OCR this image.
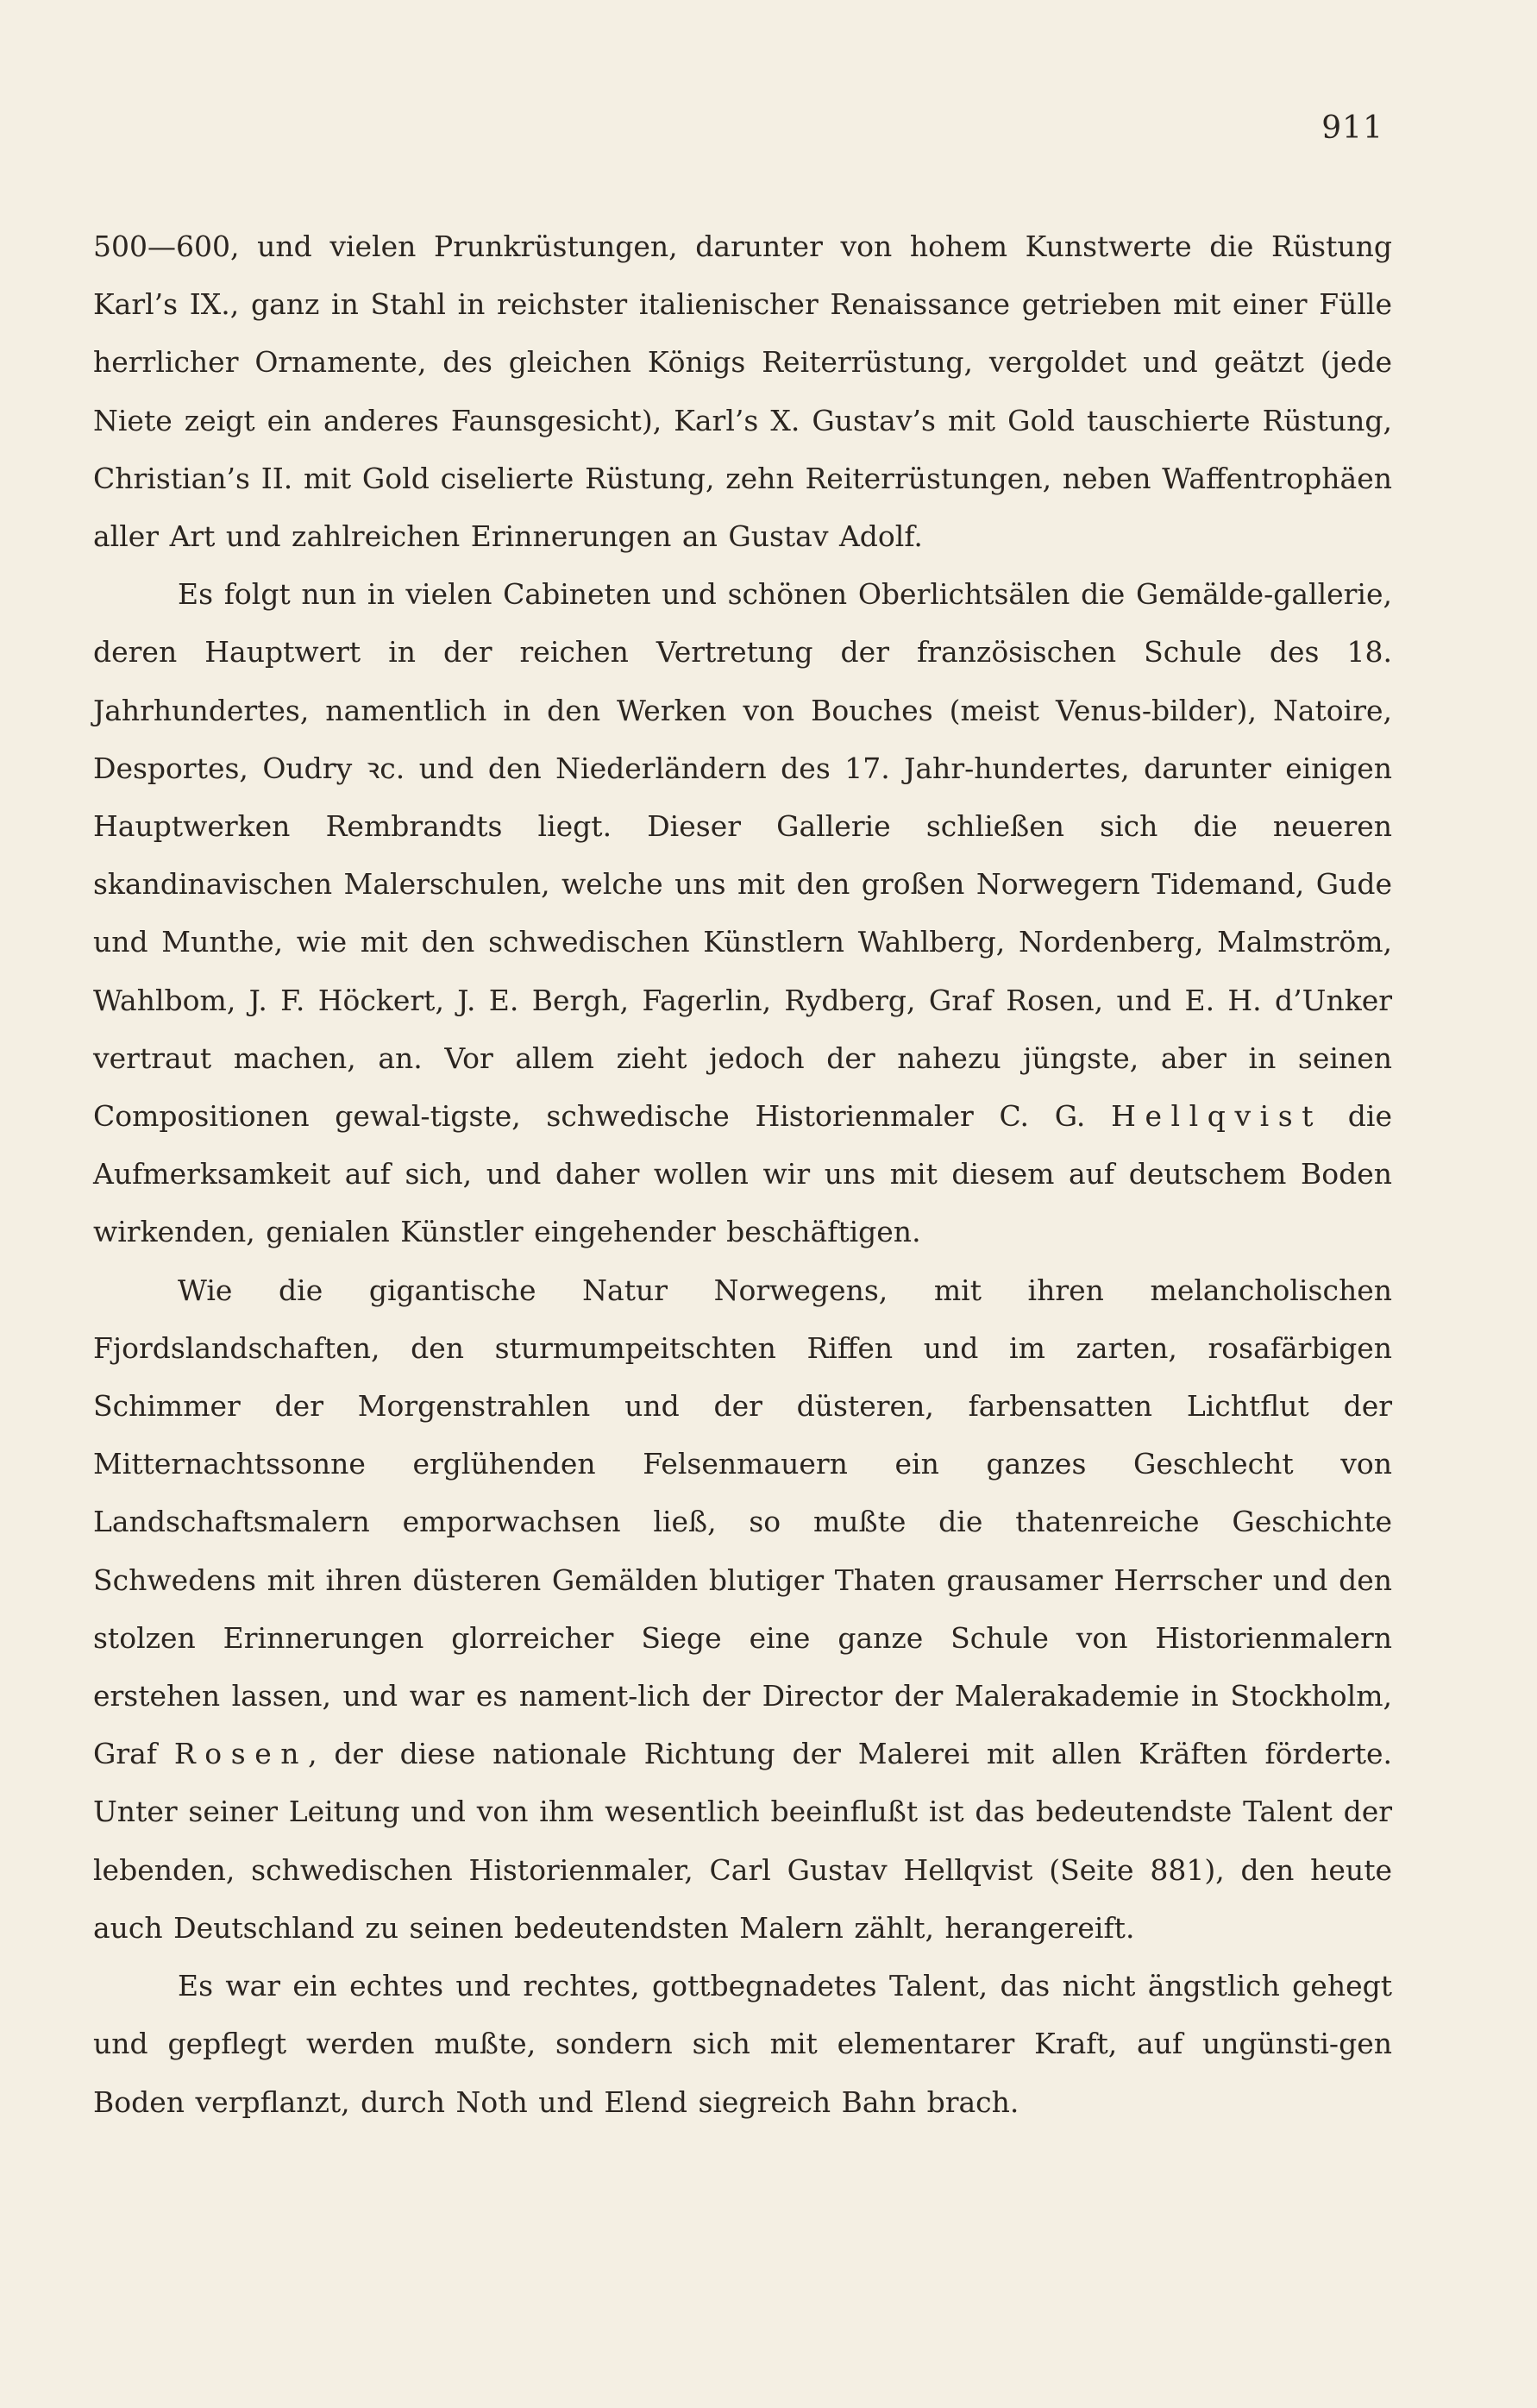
911

500—600, und vielen Prunkrüstungen, darunter von hohem Kunstwerte die Rüstung Karl’s IX., ganz in Stahl in reichster italienischer Renaissance getrieben mit einer Fülle herrlicher Ornamente, des gleichen Königs Reiterrüstung, vergoldet und geätzt (jede Niete zeigt ein anderes Faunsgesicht), Karl’s X. Gustav’s mit Gold tauschierte Rüstung, Christian’s II. mit Gold ciselierte Rüstung, zehn Reiterrüstungen, neben Waffentrophäen aller Art und zahlreichen Erinnerungen an Gustav Adolf.

Es folgt nun in vielen Cabineten und schönen Oberlichtsälen die Gemälde-gallerie, deren Hauptwert in der reichen Vertretung der französischen Schule des 18. Jahrhundertes, namentlich in den Werken von Bouches (meist Venus-bilder), Natoire, Desportes, Oudry ꝛc. und den Niederländern des 17. Jahr-hundertes, darunter einigen Hauptwerken Rembrandts liegt. Dieser Gallerie schließen sich die neueren skandinavischen Malerschulen, welche uns mit den großen Norwegern Tidemand, Gude und Munthe, wie mit den schwedischen Künstlern Wahlberg, Nordenberg, Malmström, Wahlbom, J. F. Höckert, J. E. Bergh, Fagerlin, Rydberg, Graf Rosen, und E. H. d’Unker vertraut machen, an. Vor allem zieht jedoch der nahezu jüngste, aber in seinen Compositionen gewal-tigste, schwedische Historienmaler C. G. Hellqvist die Aufmerksamkeit auf sich, und daher wollen wir uns mit diesem auf deutschem Boden wirkenden, genialen Künstler eingehender beschäftigen.

Wie die gigantische Natur Norwegens, mit ihren melancholischen Fjordslandschaften, den sturmumpeitschten Riffen und im zarten, rosafärbigen Schimmer der Morgenstrahlen und der düsteren, farbensatten Lichtflut der Mitternachtssonne erglühenden Felsenmauern ein ganzes Geschlecht von Landschaftsmalern emporwachsen ließ, so mußte die thatenreiche Geschichte Schwedens mit ihren düsteren Gemälden blutiger Thaten grausamer Herrscher und den stolzen Erinnerungen glorreicher Siege eine ganze Schule von Historienmalern erstehen lassen, und war es nament-lich der Director der Malerakademie in Stockholm, Graf Rosen, der diese nationale Richtung der Malerei mit allen Kräften förderte. Unter seiner Leitung und von ihm wesentlich beeinflußt ist das bedeutendste Talent der lebenden, schwedischen Historienmaler, Carl Gustav Hellqvist (Seite 881), den heute auch Deutschland zu seinen bedeutendsten Malern zählt, herangereift.

Es war ein echtes und rechtes, gottbegnadetes Talent, das nicht ängstlich gehegt und gepflegt werden mußte, sondern sich mit elementarer Kraft, auf ungünsti-gen Boden verpflanzt, durch Noth und Elend siegreich Bahn brach.
